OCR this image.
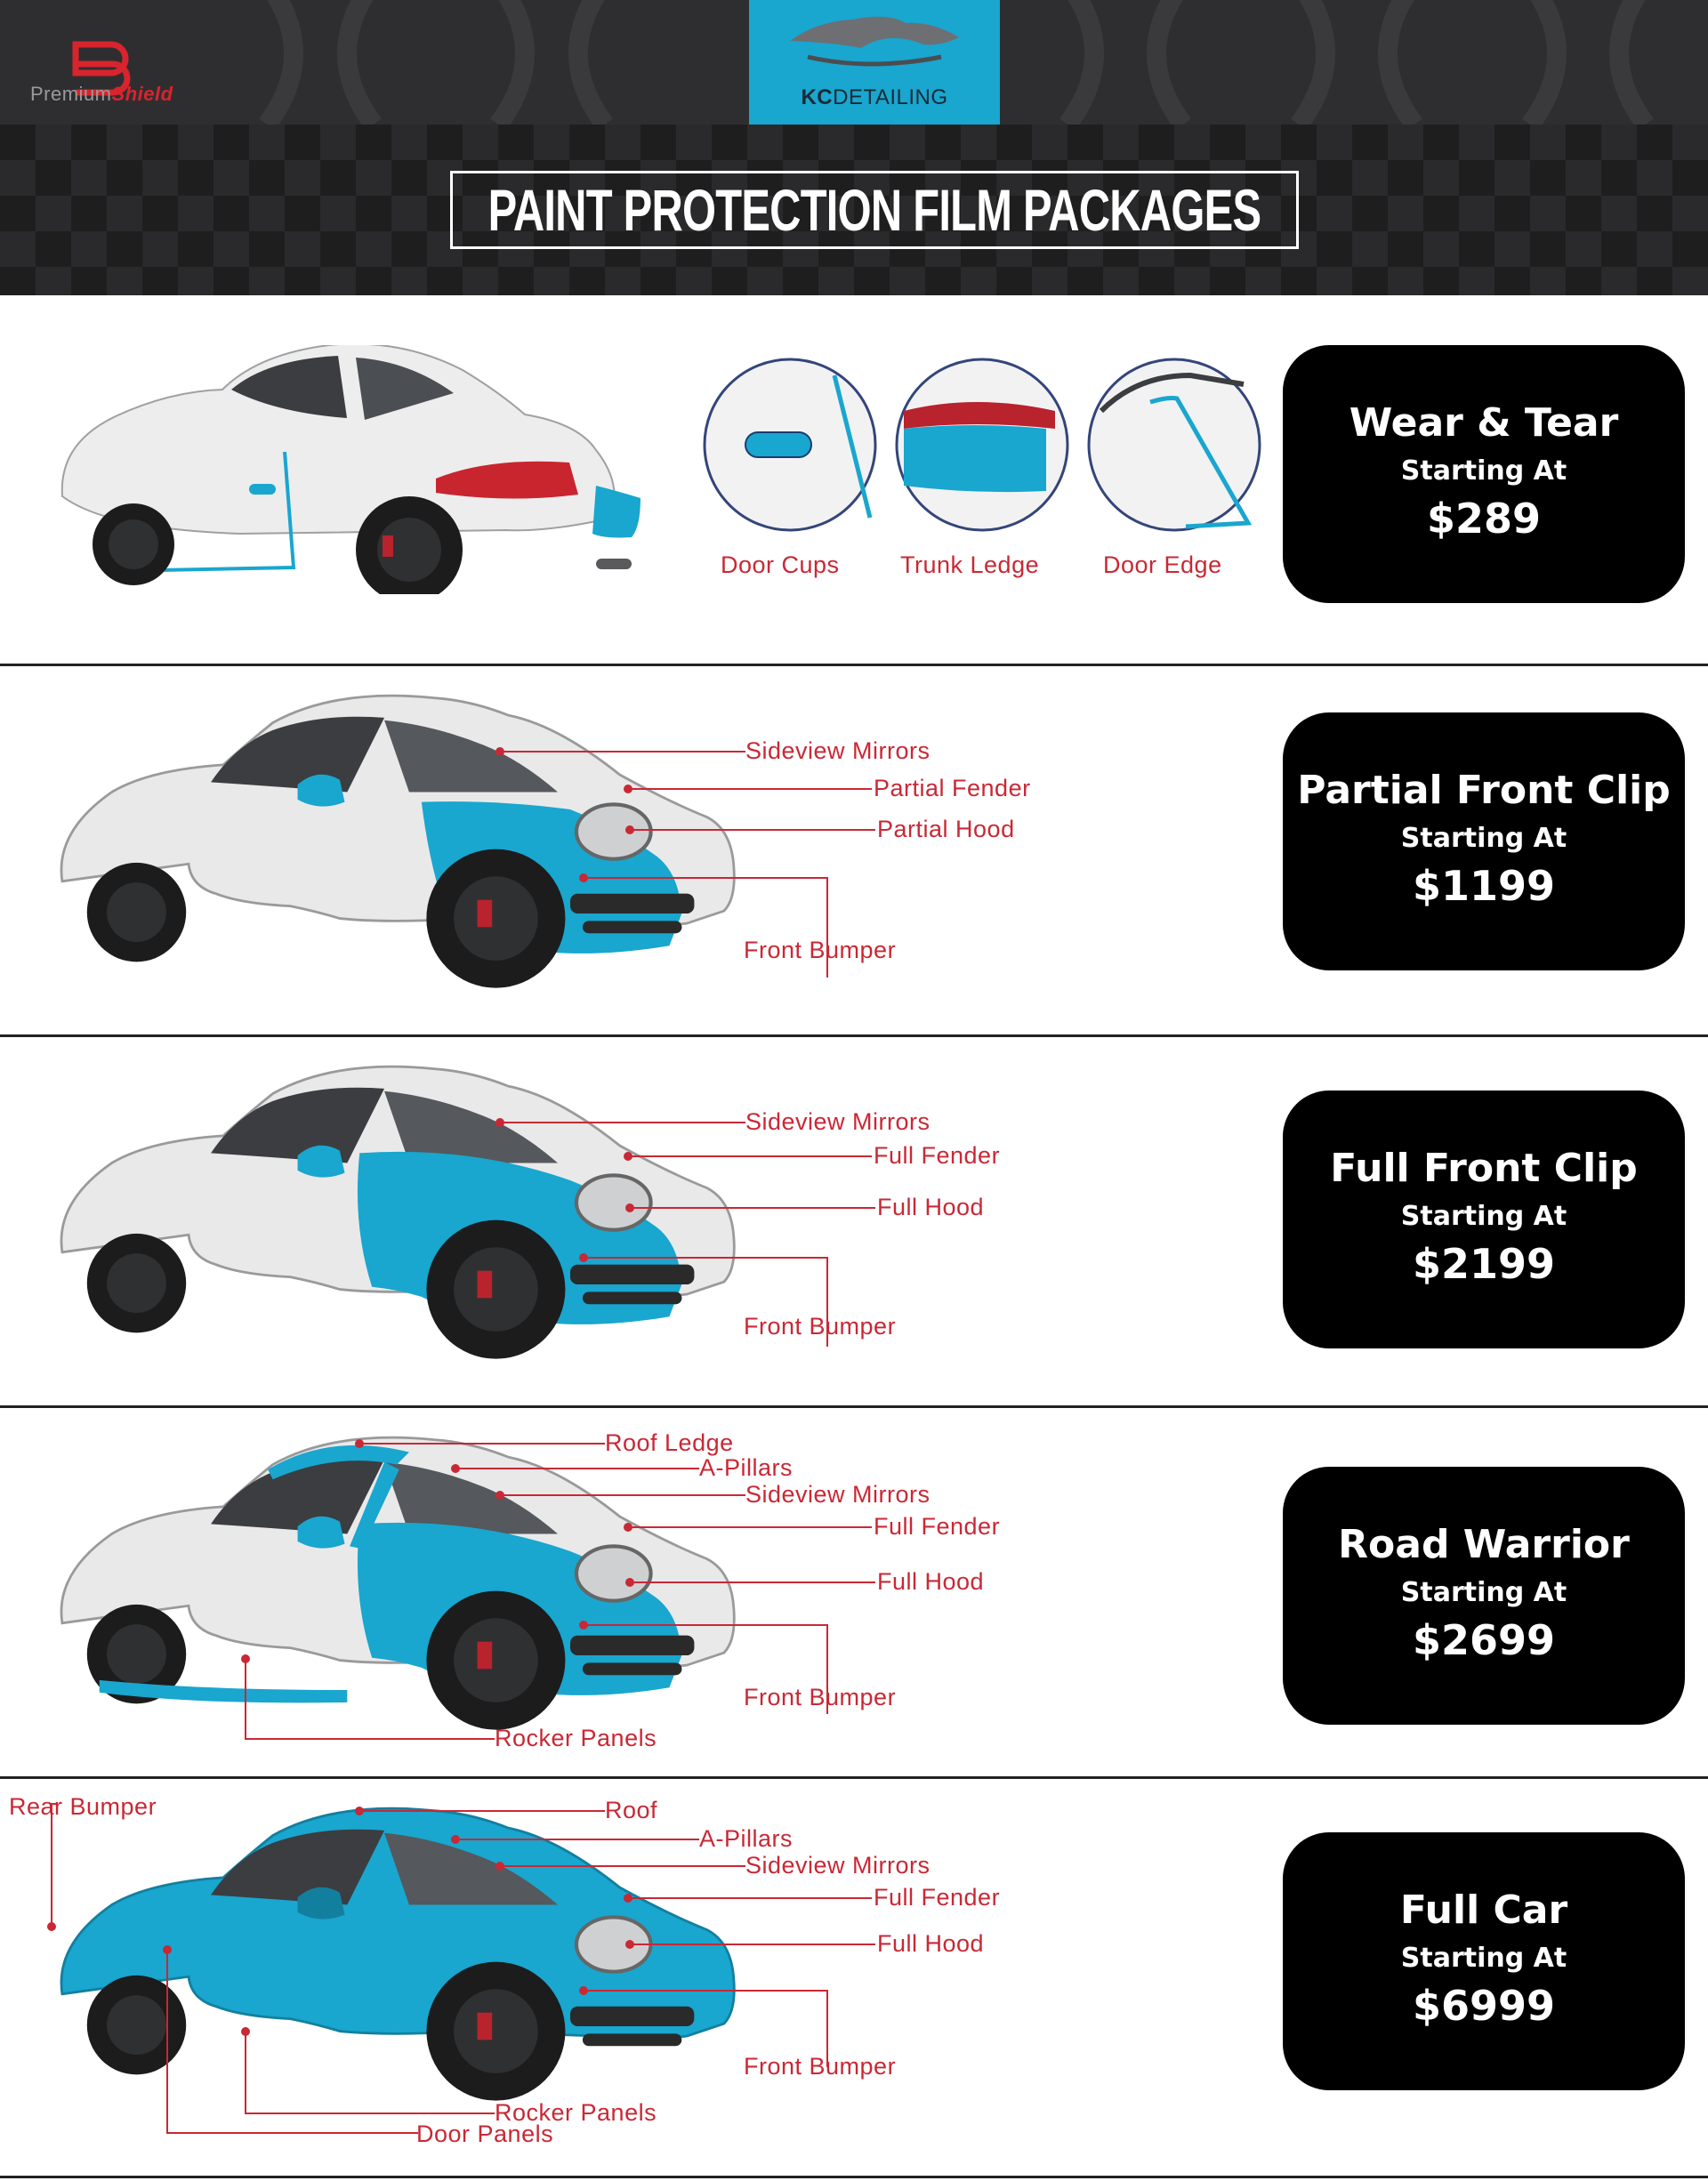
PremiumShield	KCDETAILING
PAINT PROTECTION FILM PACKAGES
Door Cups	Trunk Ledge	Door Edge
Wear & Tear
Starting At
$289
Sideview Mirrors
Partial Fender
Partial Hood
Front Bumper
Partial Front Clip
Starting At
$1199
Sideview Mirrors
Full Fender
Full Hood
Front Bumper
Full Front Clip
Starting At
$2199
Roof Ledge
A-Pillars
Sideview Mirrors
Full Fender
Full Hood
Front Bumper
Rocker Panels
Road Warrior
Starting At
$2699
Rear Bumper	Roof
A-Pillars
Sideview Mirrors
Full Fender
Full Hood
Front Bumper
Rocker Panels
Door Panels
Full Car
Starting At
$6999
